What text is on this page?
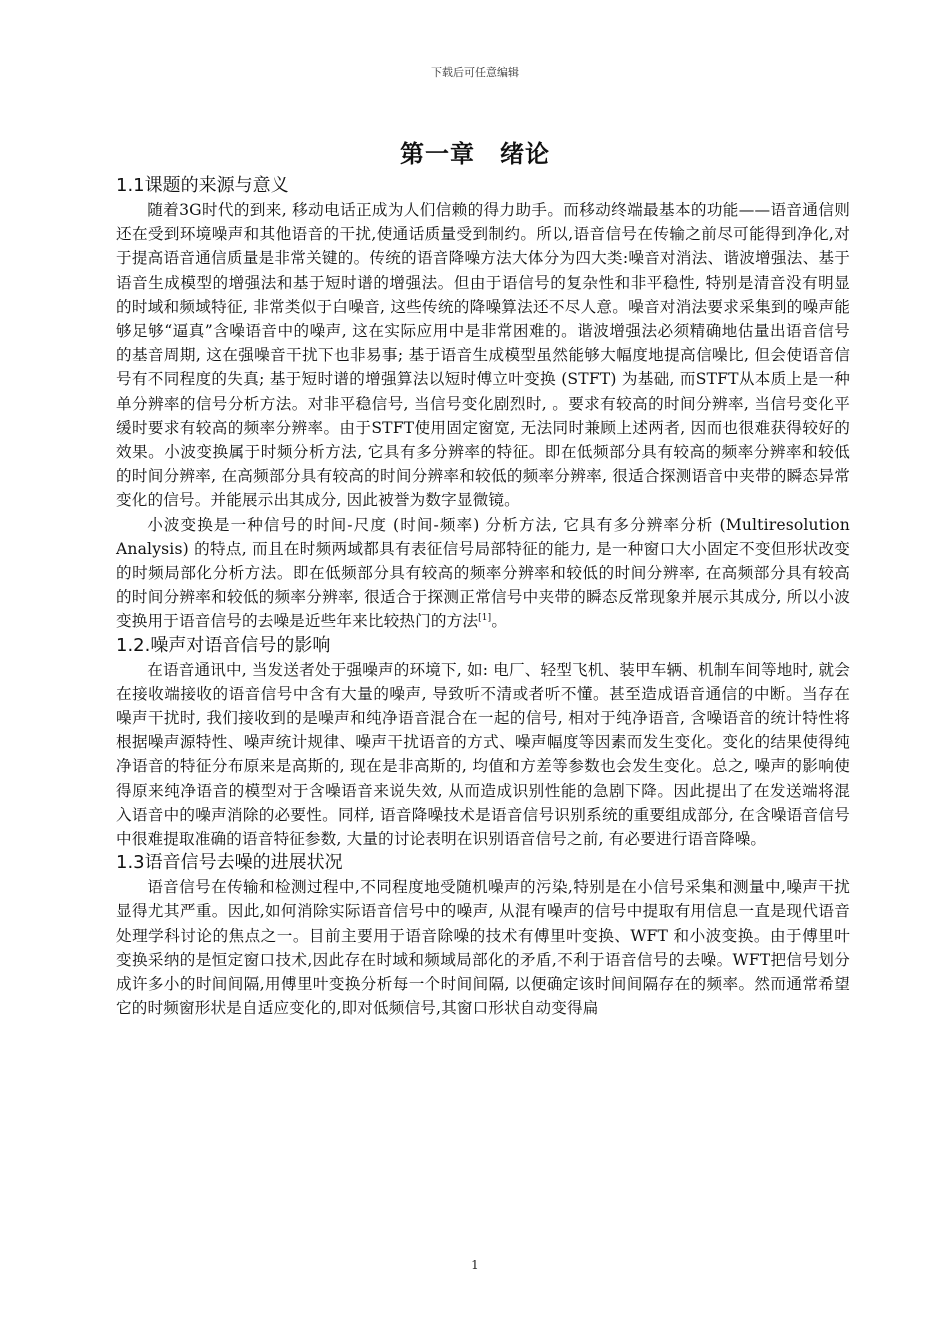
下载后可任意编辑
第一章　绪论
1.1课题的来源与意义

随着3G时代的到来, 移动电话正成为人们信赖的得力助手。而移动终端最基本的功能——语音通信则还在受到环境噪声和其他语音的干扰,使通话质量受到制约。所以,语音信号在传输之前尽可能得到净化,对于提高语音通信质量是非常关键的。传统的语音降噪方法大体分为四大类:噪音对消法、谐波增强法、基于语音生成模型的增强法和基于短时谱的增强法。但由于语信号的复杂性和非平稳性, 特别是清音没有明显的时域和频域特征, 非常类似于白噪音, 这些传统的降噪算法还不尽人意。噪音对消法要求采集到的噪声能够足够“逼真”含噪语音中的噪声, 这在实际应用中是非常困难的。谐波增强法必须精确地估量出语音信号的基音周期, 这在强噪音干扰下也非易事; 基于语音生成模型虽然能够大幅度地提高信噪比, 但会使语音信号有不同程度的失真; 基于短时谱的增强算法以短时傅立叶变换 (STFT) 为基础, 而STFT从本质上是一种单分辨率的信号分析方法。对非平稳信号, 当信号变化剧烈时, 。要求有较高的时间分辨率, 当信号变化平缓时要求有较高的频率分辨率。由于STFT使用固定窗宽, 无法同时兼顾上述两者, 因而也很难获得较好的效果。小波变换属于时频分析方法, 它具有多分辨率的特征。即在低频部分具有较高的频率分辨率和较低的时间分辨率, 在高频部分具有较高的时间分辨率和较低的频率分辨率, 很适合探测语音中夹带的瞬态异常变化的信号。并能展示出其成分, 因此被誉为数字显微镜。

小波变换是一种信号的时间-尺度 (时间-频率) 分析方法, 它具有多分辨率分析 (Multiresolution Analysis) 的特点, 而且在时频两域都具有表征信号局部特征的能力, 是一种窗口大小固定不变但形状改变的时频局部化分析方法。即在低频部分具有较高的频率分辨率和较低的时间分辨率, 在高频部分具有较高的时间分辨率和较低的频率分辨率, 很适合于探测正常信号中夹带的瞬态反常现象并展示其成分, 所以小波变换用于语音信号的去噪是近些年来比较热门的方法[1]。

1.2.噪声对语音信号的影响

在语音通讯中, 当发送者处于强噪声的环境下, 如: 电厂、轻型飞机、装甲车辆、机制车间等地时, 就会在接收端接收的语音信号中含有大量的噪声, 导致听不清或者听不懂。甚至造成语音通信的中断。当存在噪声干扰时, 我们接收到的是噪声和纯净语音混合在一起的信号, 相对于纯净语音, 含噪语音的统计特性将根据噪声源特性、噪声统计规律、噪声干扰语音的方式、噪声幅度等因素而发生变化。变化的结果使得纯净语音的特征分布原来是高斯的, 现在是非高斯的, 均值和方差等参数也会发生变化。总之, 噪声的影响使得原来纯净语音的模型对于含噪语音来说失效, 从而造成识别性能的急剧下降。因此提出了在发送端将混入语音中的噪声消除的必要性。同样, 语音降噪技术是语音信号识别系统的重要组成部分, 在含噪语音信号中很难提取准确的语音特征参数, 大量的讨论表明在识别语音信号之前, 有必要进行语音降噪。

1.3语音信号去噪的进展状况

语音信号在传输和检测过程中,不同程度地受随机噪声的污染,特别是在小信号采集和测量中,噪声干扰显得尤其严重。因此,如何消除实际语音信号中的噪声, 从混有噪声的信号中提取有用信息一直是现代语音处理学科讨论的焦点之一。目前主要用于语音除噪的技术有傅里叶变换、WFT 和小波变换。由于傅里叶变换采纳的是恒定窗口技术,因此存在时域和频域局部化的矛盾,不利于语音信号的去噪。WFT把信号划分成许多小的时间间隔,用傅里叶变换分析每一个时间间隔, 以便确定该时间间隔存在的频率。然而通常希望它的时频窗形状是自适应变化的,即对低频信号,其窗口形状自动变得扁

1
